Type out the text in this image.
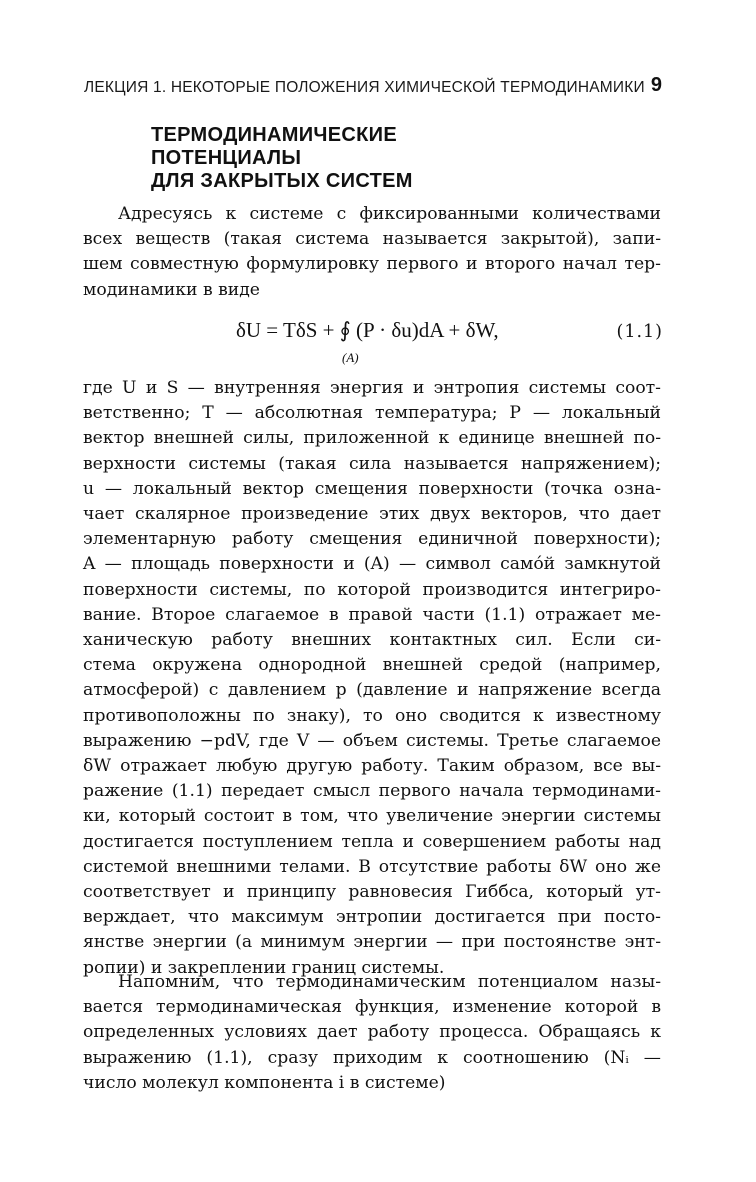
ЛЕКЦИЯ 1. НЕКОТОРЫЕ ПОЛОЖЕНИЯ ХИМИЧЕСКОЙ ТЕРМОДИНАМИКИ 9
ТЕРМОДИНАМИЧЕСКИЕ
ПОТЕНЦИАЛЫ
ДЛЯ ЗАКРЫТЫХ СИСТЕМ
Адресуясь к системе с фиксированными количествами
всех веществ (такая система называется закрытой), запи-
шем совместную формулировку первого и второго начал тер-
модинамики в виде
δU = TδS + ∮ (P · δu)dA + δW,
(A)
(1.1)
где U и S — внутренняя энергия и энтропия системы соот-
ветственно; T — абсолютная температура; P — локальный
вектор внешней силы, приложенной к единице внешней по-
верхности системы (такая сила называется напряжением);
u — локальный вектор смещения поверхности (точка озна-
чает скалярное произведение этих двух векторов, что дает
элементарную работу смещения единичной поверхности);
A — площадь поверхности и (A) — символ само́й замкнутой
поверхности системы, по которой производится интегриро-
вание. Второе слагаемое в правой части (1.1) отражает ме-
ханическую работу внешних контактных сил. Если си-
стема окружена однородной внешней средой (например,
атмосферой) с давлением p (давление и напряжение всегда
противоположны по знаку), то оно сводится к известному
выражению −pdV, где V — объем системы. Третье слагаемое
δW отражает любую другую работу. Таким образом, все вы-
ражение (1.1) передает смысл первого начала термодинами-
ки, который состоит в том, что увеличение энергии системы
достигается поступлением тепла и совершением работы над
системой внешними телами. В отсутствие работы δW оно же
соответствует и принципу равновесия Гиббса, который ут-
верждает, что максимум энтропии достигается при посто-
янстве энергии (а минимум энергии — при постоянстве энт-
ропии) и закреплении границ системы.
Напомним, что термодинамическим потенциалом назы-
вается термодинамическая функция, изменение которой в
определенных условиях дает работу процесса. Обращаясь к
выражению (1.1), сразу приходим к соотношению (Nᵢ —
число молекул компонента i в системе)
